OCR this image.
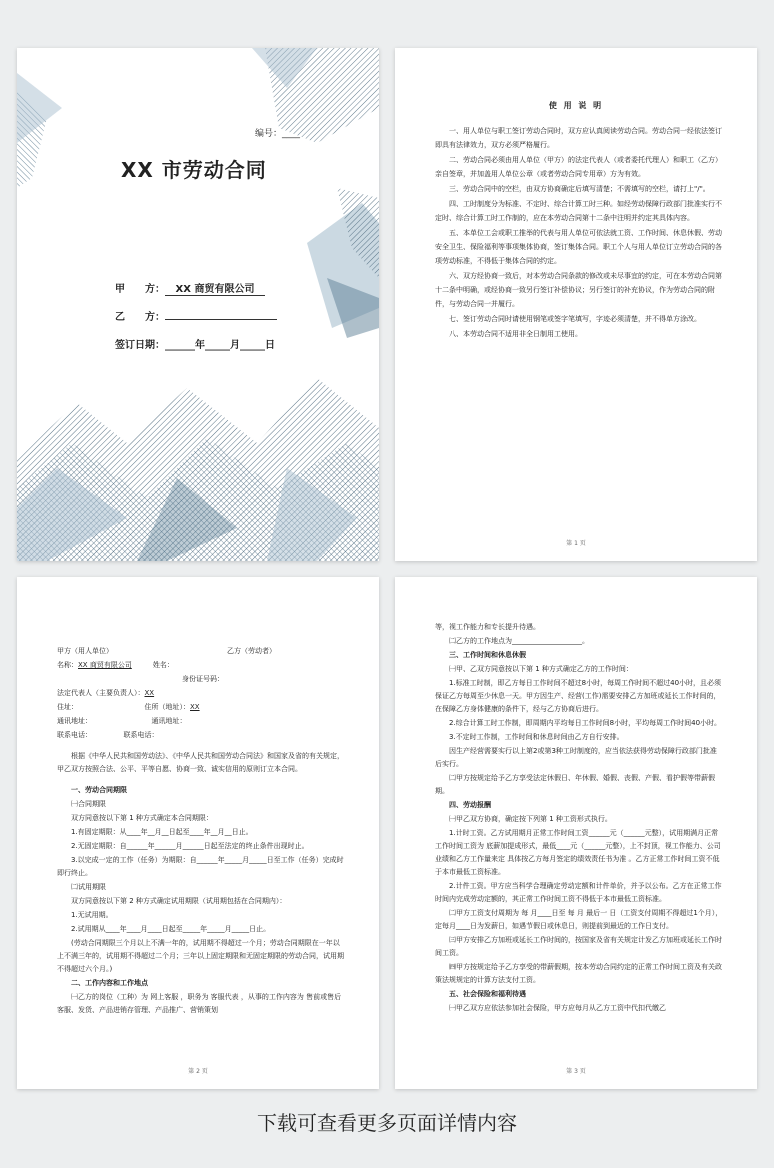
编号：____
XX 市劳动合同
甲　　方： XX 商贸有限公司
乙　　方：
签订日期：______年_____月_____日
使 用 说 明

一、用人单位与职工签订劳动合同时，双方应认真阅读劳动合同。劳动合同一经依法签订即具有法律效力，双方必须严格履行。

二、劳动合同必须由用人单位（甲方）的法定代表人（或者委托代理人）和职工（乙方）亲自签章，并加盖用人单位公章（或者劳动合同专用章）方为有效。

三、劳动合同中的空栏，由双方协商确定后填写清楚；不需填写的空栏，请打上"/"。

四、工时制度分为标准、不定时、综合计算工时三种。如经劳动保障行政部门批准实行不定时、综合计算工时工作制的，应在本劳动合同第十二条中注明并约定其具体内容。

五、本单位工会或职工推举的代表与用人单位可依法就工资、工作时间、休息休假、劳动安全卫生、保险福利等事项集体协商，签订集体合同。职工个人与用人单位订立劳动合同的各项劳动标准，不得低于集体合同的约定。

六、双方经协商一致后，对本劳动合同条款的修改或未尽事宜的约定，可在本劳动合同第十二条中明确，或经协商一致另行签订补偿协议；另行签订的补充协议，作为劳动合同的附件，与劳动合同一并履行。

七、签订劳动合同时请使用钢笔或签字笔填写，字迹必须清楚，并不得单方涂改。

八、本劳动合同不适用非全日制用工使用。

第 1 页

甲方（用人单位）	乙方（劳动者）

名称：XX 商贸有限公司　　　	姓名：

身份证号码：

法定代表人（主要负责人）：XX

住址：　　　　　　　　　　	住所（地址）：XX

通讯地址：　　　　　　　　　	通讯地址：

联系电话：　　　　　	联系电话：

根据《中华人民共和国劳动法》、《中华人民共和国劳动合同法》和国家及省的有关规定，甲乙双方按照合法、公平、平等自愿、协商一致、诚实信用的原则订立本合同。

一、劳动合同期限

㈠合同期限

双方同意按以下第 1 种方式确定本合同期限：

1.有固定期限：从____年__月__日起至____年__月__日止。

2.无固定期限：自______年______月______日起至法定的终止条件出现时止。

3.以完成一定的工作（任务）为期限：自______年_____月_____日至工作（任务）完成时即行终止。

㈡试用期限

双方同意按以下第 2 种方式确定试用期限（试用期包括在合同期内）：

1.无试用期。

2.试用期从____年____月____日起至_____年_____月_____日止。

(劳动合同期限三个月以上不满一年的，试用期不得超过一个月；劳动合同期限在一年以上不满三年的，试用期不得超过二个月；三年以上固定期限和无固定期限的劳动合同，试用期不得超过六个月。)

二、工作内容和工作地点

㈠乙方的岗位（工种）为 网上客服 ，职务为 客服代表 ，从事的工作内容为 售前或售后客服、发货、产品进销存管理、产品推广、营销策划

第 2 页

等，视工作能力和专长提升待遇。

㈡乙方的工作地点为____________________。

三、工作时间和休息休假

㈠甲、乙双方同意按以下第 1 种方式确定乙方的工作时间：

1.标准工时制，即乙方每日工作时间不超过8小时，每周工作时间不超过40小时，且必须保证乙方每周至少休息一天。甲方因生产、经营(工作)需要安排乙方加班或延长工作时间的，在保障乙方身体健康的条件下，经与乙方协商后进行。

2.综合计算工时工作制，即周期内平均每日工作时间8小时，平均每周工作时间40小时。

3.不定时工作制，工作时间和休息时间由乙方自行安排。

因生产经营需要实行以上第2或第3种工时制度的，应当依法获得劳动保障行政部门批准后实行。

㈡甲方按规定给予乙方享受法定休假日、年休假、婚假、丧假、产假、看护假等带薪假期。

四、劳动报酬

㈠甲乙双方协商，确定按下列第 1 种工资形式执行。

1.计时工资。乙方试用期月正常工作时间工资______元（______元整），试用期满月正常工作时间工资为 底薪加提成形式，最低____元（______元整），上不封顶，视工作能力、公司业绩和乙方工作量来定 具体按乙方每月签定的绩效责任书为准 。乙方正常工作时间工资不低于本市最低工资标准。

2.计件工资。甲方应当科学合理确定劳动定额和计件单价，并予以公布。乙方在正常工作时间内完成劳动定额的，其正常工作时间工资不得低于本市最低工资标准。

㈡甲方工资支付周期为 每 月____日至 每 月 最后一 日（工资支付周期不得超过1个月），定每月____日为发薪日，如遇节假日或休息日，则提前到最近的工作日支付。

㈢甲方安排乙方加班或延长工作时间的，按国家及省有关规定计发乙方加班或延长工作时间工资。

㈣甲方按规定给予乙方享受的带薪假期，按本劳动合同约定的正常工作时间工资及有关政策法规规定的计算方法支付工资。

五、社会保险和福利待遇

㈠甲乙双方应依法参加社会保险，甲方应每月从乙方工资中代扣代缴乙

第 3 页
下载可查看更多页面详情内容
